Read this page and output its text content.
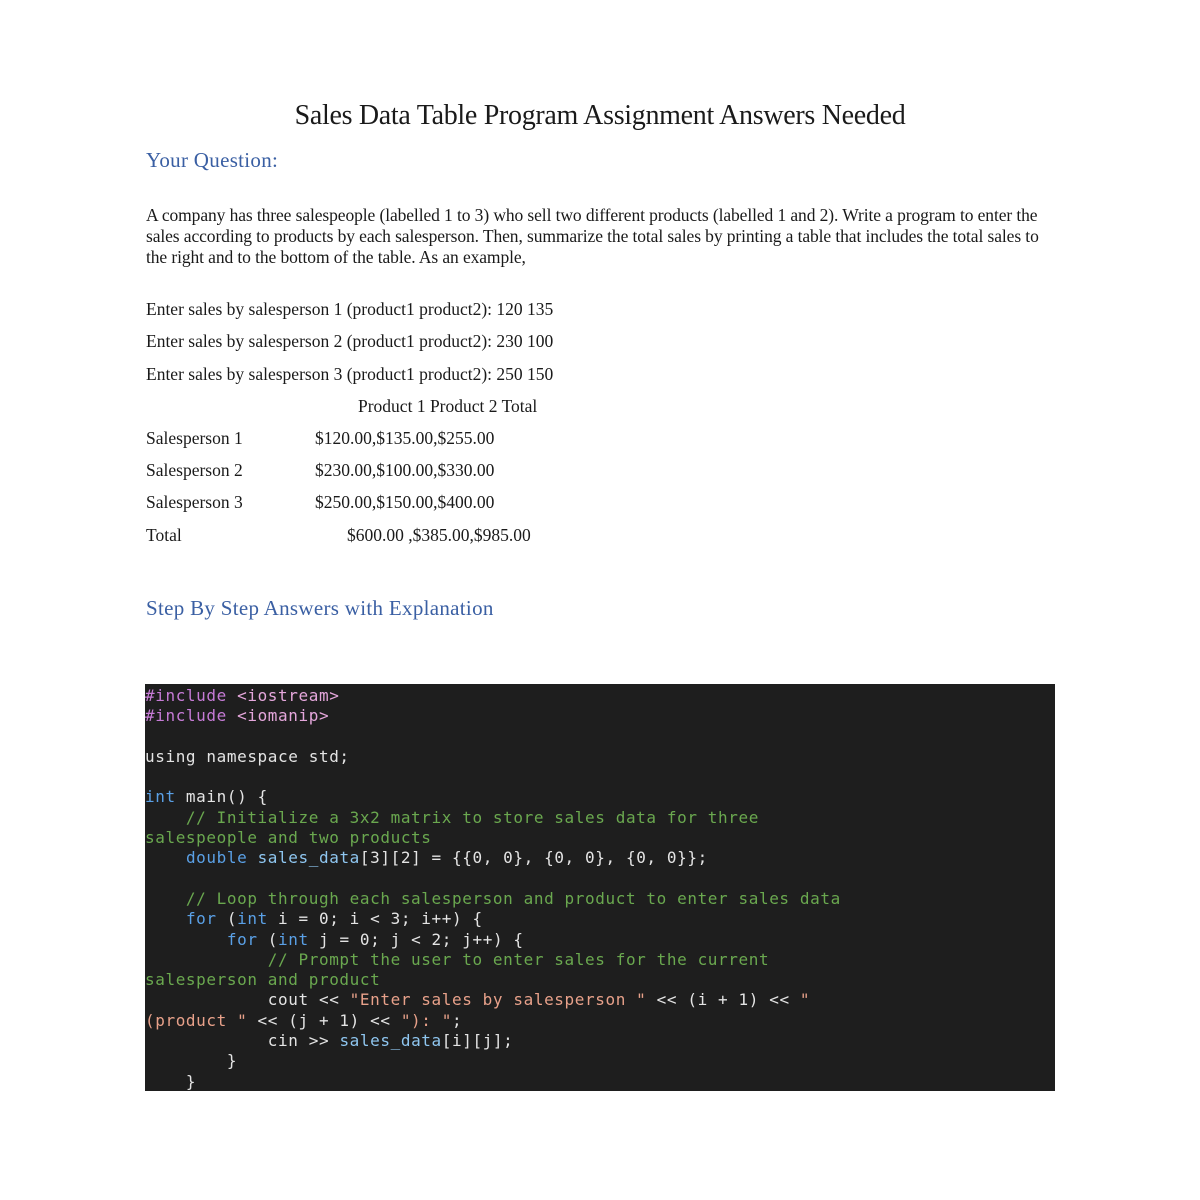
Sales Data Table Program Assignment Answers Needed
Your Question:
A company has three salespeople (labelled 1 to 3) who sell two different products (labelled 1 and 2). Write a program to enter the sales according to products by each salesperson. Then, summarize the total sales by printing a table that includes the total sales to the right and to the bottom of the table. As an example,
Enter sales by salesperson 1 (product1 product2): 120 135
Enter sales by salesperson 2 (product1 product2): 230 100
Enter sales by salesperson 3 (product1 product2): 250 150
Product 1 Product 2 Total
Salesperson 1	$120.00,$135.00,$255.00
Salesperson 2	$230.00,$100.00,$330.00
Salesperson 3	$250.00,$150.00,$400.00
Total	$600.00 ,$385.00,$985.00
Step By Step Answers with Explanation
#include <iostream>
#include <iomanip>
using namespace std;
int main() {
// Initialize a 3x2 matrix to store sales data for three
salespeople and two products
double sales_data[3][2] = {{0, 0}, {0, 0}, {0, 0}};
// Loop through each salesperson and product to enter sales data
for (int i = 0; i < 3; i++) {
for (int j = 0; j < 2; j++) {
// Prompt the user to enter sales for the current
salesperson and product
cout << "Enter sales by salesperson " << (i + 1) << "
(product " << (j + 1) << "): ";
cin >> sales_data[i][j];
}
}
